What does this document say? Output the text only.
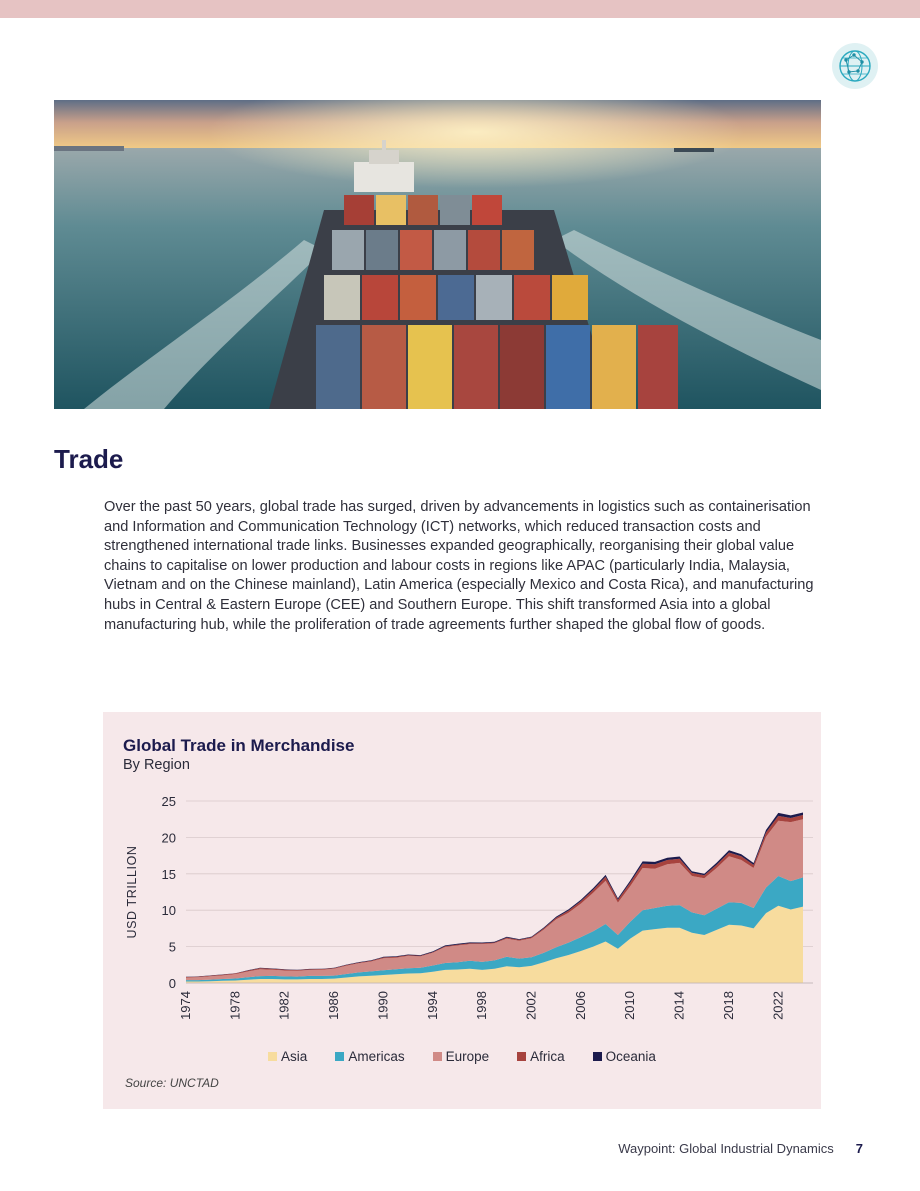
Trade

Over the past 50 years, global trade has surged, driven by advancements in logistics such as containerisation and Information and Communication Technology (ICT) networks, which reduced transaction costs and strengthened international trade links. Businesses expanded geographically, reorganising their global value chains to capitalise on lower production and labour costs in regions like APAC (particularly India, Malaysia, Vietnam and on the Chinese mainland), Latin America (especially Mexico and Costa Rica), and manufacturing hubs in Central & Eastern Europe (CEE) and Southern Europe. This shift transformed Asia into a global manufacturing hub, while the proliferation of trade agreements further shaped the global flow of goods.

Global Trade in Merchandise
By Region
0
5
10
15
20
25
USD TRILLION
1974	1978	1982	1986	1990	1994	1998	2002	2006	2010	2014	2018	2022
Asia	Americas	Europe	Africa	Oceania
Source: UNCTAD
Waypoint: Global Industrial Dynamics 7
